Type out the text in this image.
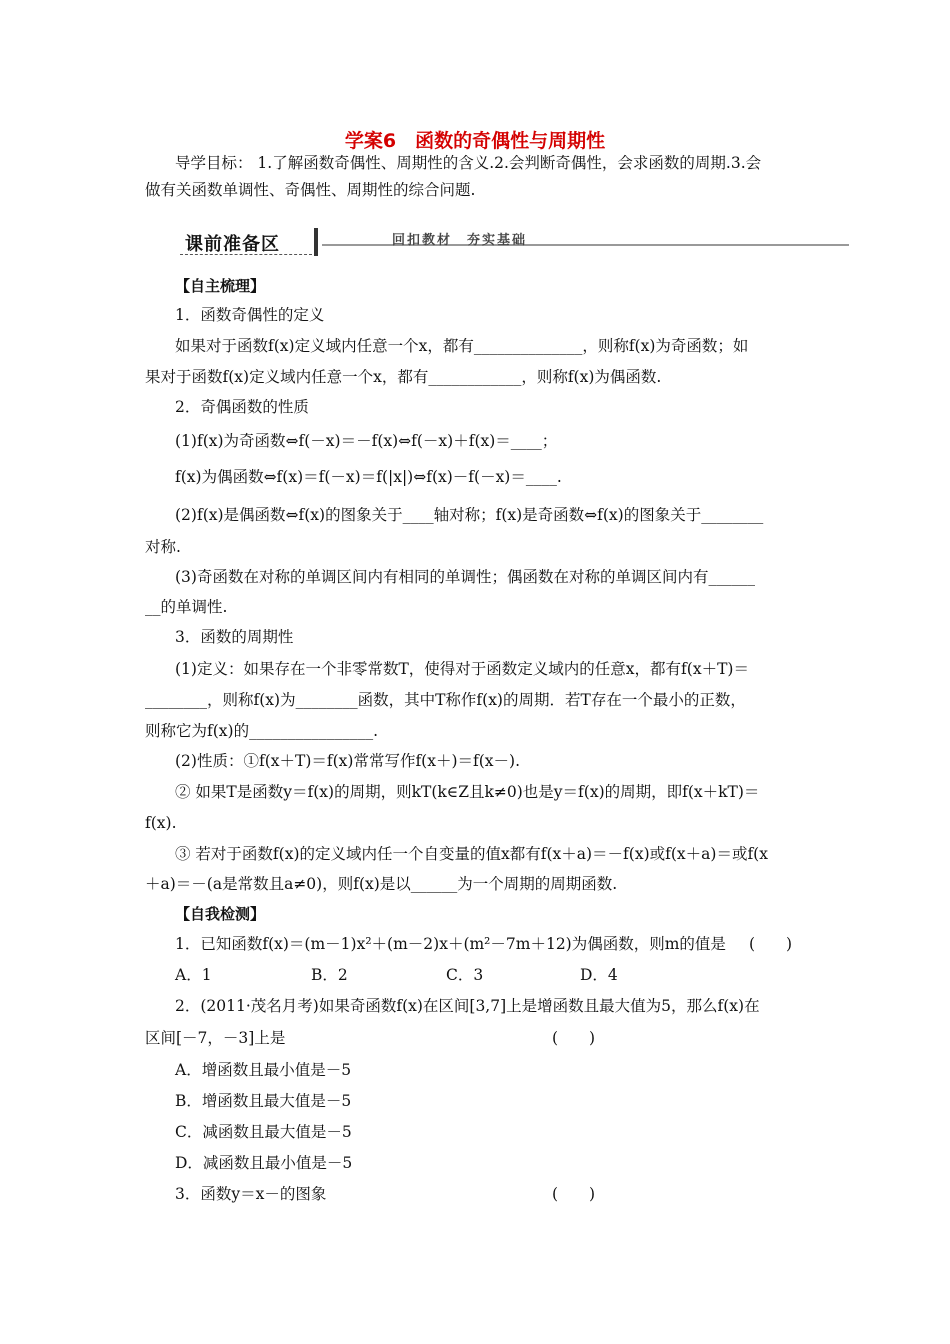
学案6　函数的奇偶性与周期性
导学目标： 1.了解函数奇偶性、周期性的含义.2.会判断奇偶性，会求函数的周期.3.会
做有关函数单调性、奇偶性、周期性的综合问题.
课前准备区	回扣教材　夯实基础
【自主梳理】
1．函数奇偶性的定义
如果对于函数f(x)定义域内任意一个x，都有______________，则称f(x)为奇函数；如
果对于函数f(x)定义域内任意一个x，都有____________，则称f(x)为偶函数.
2．奇偶函数的性质
(1)f(x)为奇函数⇔f(－x)＝－f(x)⇔f(－x)＋f(x)＝____；
f(x)为偶函数⇔f(x)＝f(－x)＝f(|x|)⇔f(x)－f(－x)＝____.
(2)f(x)是偶函数⇔f(x)的图象关于____轴对称；f(x)是奇函数⇔f(x)的图象关于________
对称.
(3)奇函数在对称的单调区间内有相同的单调性；偶函数在对称的单调区间内有______
__的单调性.
3．函数的周期性
(1)定义：如果存在一个非零常数T，使得对于函数定义域内的任意x，都有f(x＋T)＝
________，则称f(x)为________函数，其中T称作f(x)的周期．若T存在一个最小的正数，
则称它为f(x)的________________.
(2)性质：①f(x＋T)＝f(x)常常写作f(x＋)＝f(x－).
② 如果T是函数y＝f(x)的周期，则kT(k∈Z且k≠0)也是y＝f(x)的周期，即f(x＋kT)＝
f(x).
③ 若对于函数f(x)的定义域内任一个自变量的值x都有f(x＋a)＝－f(x)或f(x＋a)＝或f(x
＋a)＝－(a是常数且a≠0)，则f(x)是以______为一个周期的周期函数.
【自我检测】
1．已知函数f(x)＝(m－1)x²＋(m－2)x＋(m²－7m＋12)为偶函数，则m的值是	(　　)
A．1	B．2	C．3	D．4
2．(2011·茂名月考)如果奇函数f(x)在区间[3,7]上是增函数且最大值为5，那么f(x)在
区间[－7，－3]上是	(　　)
A．增函数且最小值是－5
B．增函数且最大值是－5
C．减函数且最大值是－5
D．减函数且最小值是－5
3．函数y＝x－的图象	(　　)
